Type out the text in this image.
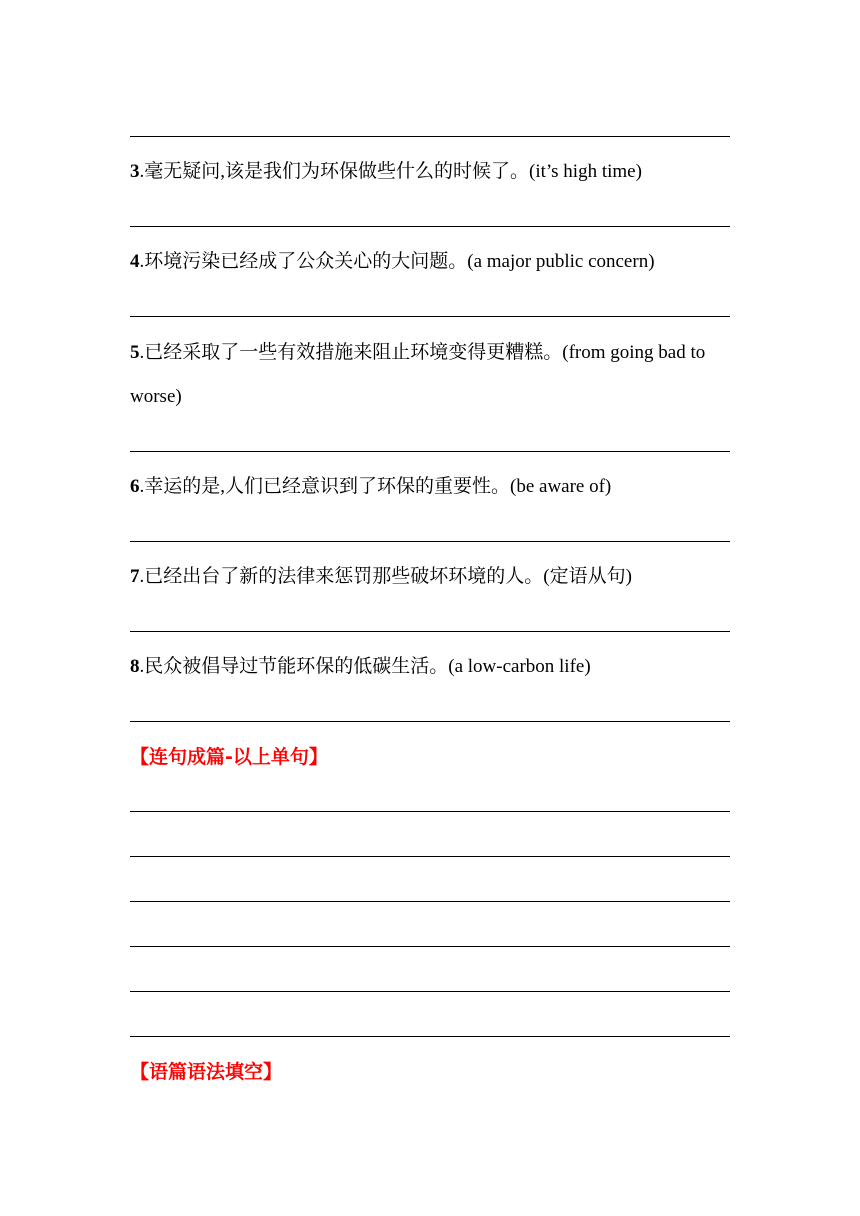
3.毫无疑问,该是我们为环保做些什么的时候了。(it’s high time)
4.环境污染已经成了公众关心的大问题。(a major public concern)
5.已经采取了一些有效措施来阻止环境变得更糟糕。(from going bad to worse)
6.幸运的是,人们已经意识到了环保的重要性。(be aware of)
7.已经出台了新的法律来惩罚那些破坏环境的人。(定语从句)
8.民众被倡导过节能环保的低碳生活。(a low-carbon life)
【连句成篇-以上单句】
【语篇语法填空】
